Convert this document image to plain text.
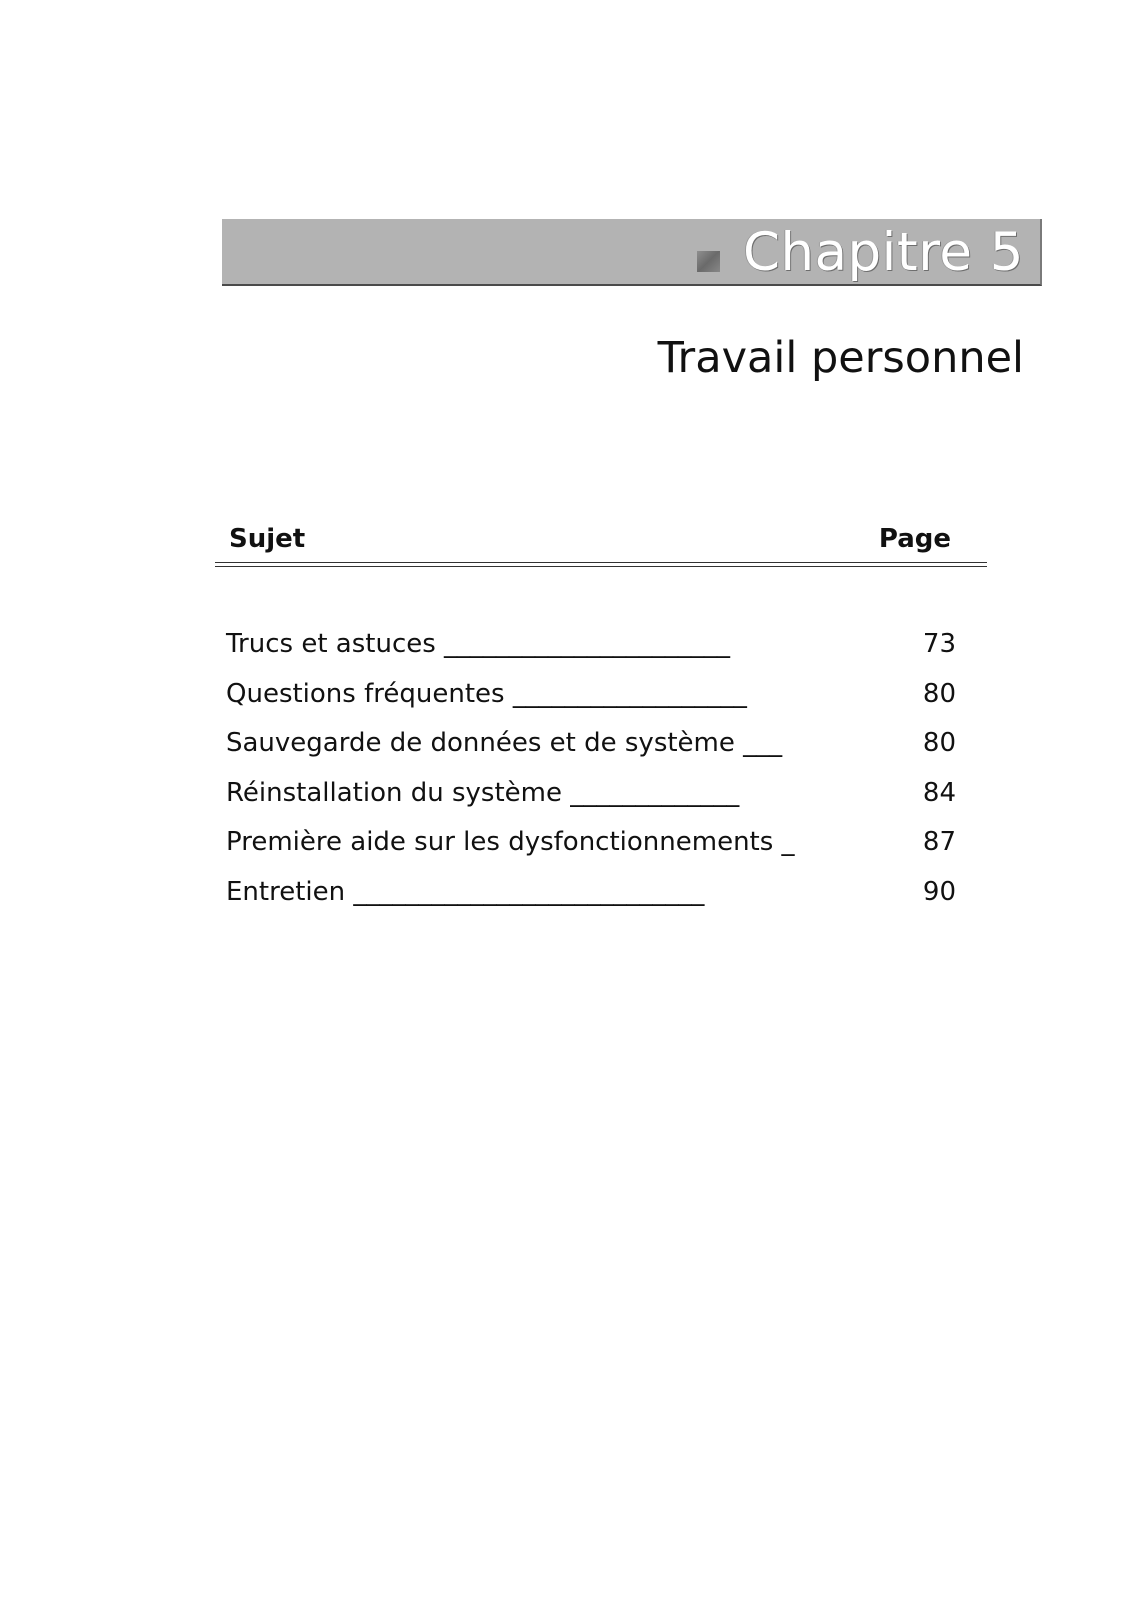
Chapitre 5
Travail personnel
Sujet	Page
Trucs et astuces ______________________	73
Questions fréquentes __________________	80
Sauvegarde de données et de système ___	80
Réinstallation du système _____________	84
Première aide sur les dysfonctionnements _	87
Entretien ___________________________	90
